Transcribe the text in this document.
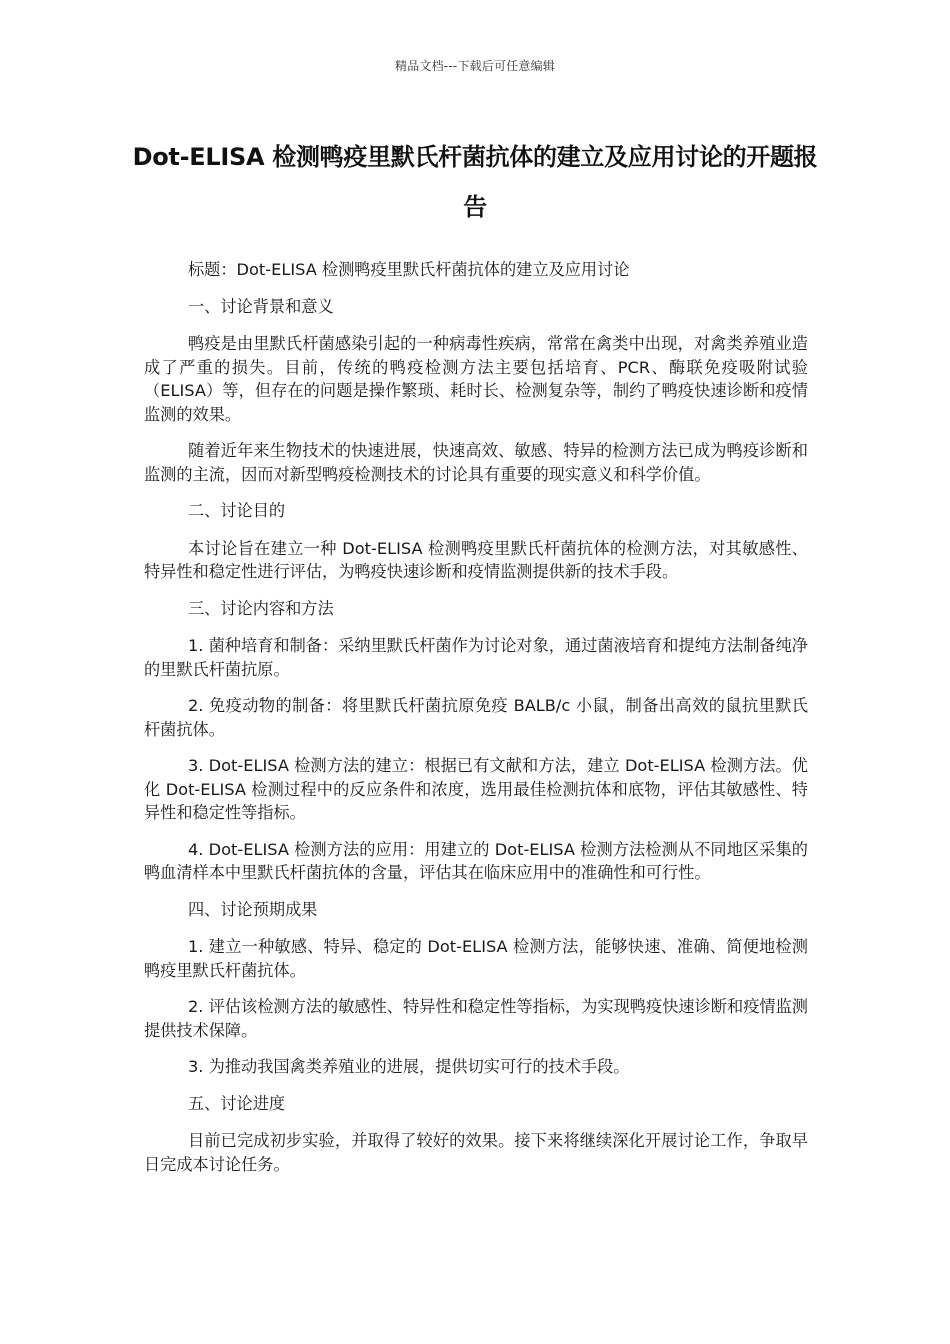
精品文档---下载后可任意编辑
Dot-ELISA 检测鸭疫里默氏杆菌抗体的建立及应用讨论的开题报告

标题：Dot-ELISA 检测鸭疫里默氏杆菌抗体的建立及应用讨论

一、讨论背景和意义

鸭疫是由里默氏杆菌感染引起的一种病毒性疾病，常常在禽类中出现，对禽类养殖业造成了严重的损失。目前，传统的鸭疫检测方法主要包括培育、PCR、酶联免疫吸附试验（ELISA）等，但存在的问题是操作繁琐、耗时长、检测复杂等，制约了鸭疫快速诊断和疫情监测的效果。

随着近年来生物技术的快速进展，快速高效、敏感、特异的检测方法已成为鸭疫诊断和监测的主流，因而对新型鸭疫检测技术的讨论具有重要的现实意义和科学价值。

二、讨论目的

本讨论旨在建立一种 Dot-ELISA 检测鸭疫里默氏杆菌抗体的检测方法，对其敏感性、特异性和稳定性进行评估，为鸭疫快速诊断和疫情监测提供新的技术手段。

三、讨论内容和方法

1. 菌种培育和制备：采纳里默氏杆菌作为讨论对象，通过菌液培育和提纯方法制备纯净的里默氏杆菌抗原。

2. 免疫动物的制备：将里默氏杆菌抗原免疫 BALB/c 小鼠，制备出高效的鼠抗里默氏杆菌抗体。

3. Dot-ELISA 检测方法的建立：根据已有文献和方法，建立 Dot-ELISA 检测方法。优化 Dot-ELISA 检测过程中的反应条件和浓度，选用最佳检测抗体和底物，评估其敏感性、特异性和稳定性等指标。

4. Dot-ELISA 检测方法的应用：用建立的 Dot-ELISA 检测方法检测从不同地区采集的鸭血清样本中里默氏杆菌抗体的含量，评估其在临床应用中的准确性和可行性。

四、讨论预期成果

1. 建立一种敏感、特异、稳定的 Dot-ELISA 检测方法，能够快速、准确、简便地检测鸭疫里默氏杆菌抗体。

2. 评估该检测方法的敏感性、特异性和稳定性等指标，为实现鸭疫快速诊断和疫情监测提供技术保障。

3. 为推动我国禽类养殖业的进展，提供切实可行的技术手段。

五、讨论进度

目前已完成初步实验，并取得了较好的效果。接下来将继续深化开展讨论工作，争取早日完成本讨论任务。
